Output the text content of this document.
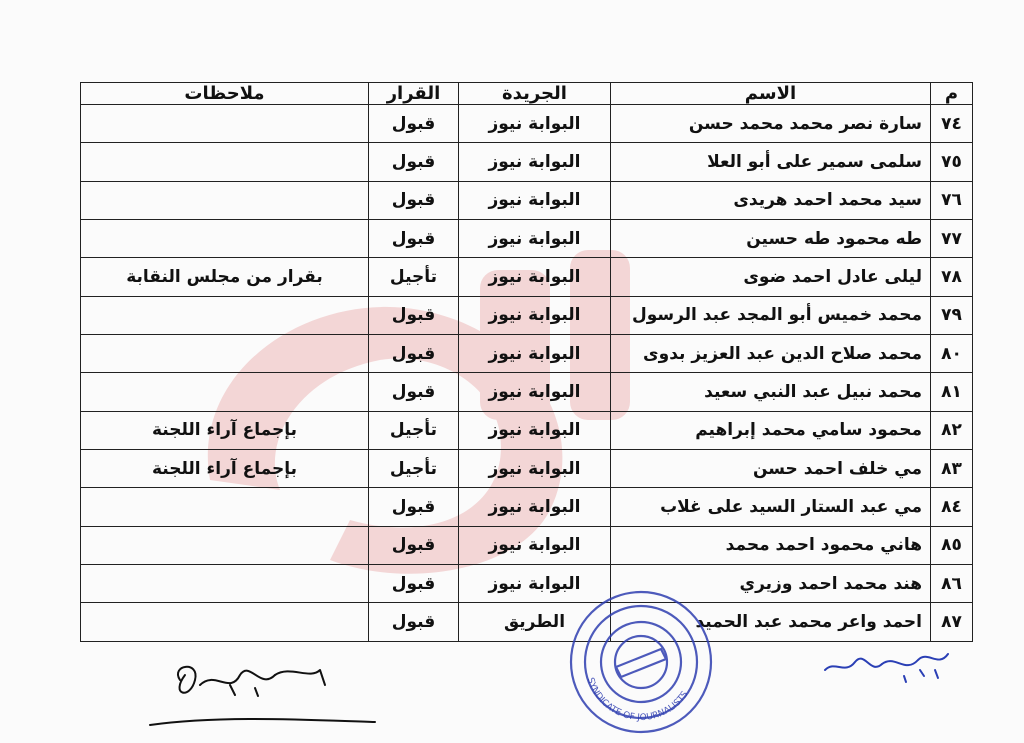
م	الاسم	الجريدة	القرار	ملاحظات
٧٤	سارة نصر محمد محمد حسن	البوابة نيوز	قبول	
٧٥	سلمى سمير على أبو العلا	البوابة نيوز	قبول	
٧٦	سيد محمد احمد هريدى	البوابة نيوز	قبول	
٧٧	طه محمود طه حسين	البوابة نيوز	قبول	
٧٨	ليلى عادل احمد ضوى	البوابة نيوز	تأجيل	بقرار من مجلس النقابة
٧٩	محمد خميس أبو المجد عبد الرسول	البوابة نيوز	قبول	
٨٠	محمد صلاح الدين عبد العزيز بدوى	البوابة نيوز	قبول	
٨١	محمد نبيل عبد النبي سعيد	البوابة نيوز	قبول	
٨٢	محمود سامي محمد إبراهيم	البوابة نيوز	تأجيل	بإجماع آراء اللجنة
٨٣	مي خلف احمد حسن	البوابة نيوز	تأجيل	بإجماع آراء اللجنة
٨٤	مي عبد الستار السيد على غلاب	البوابة نيوز	قبول	
٨٥	هاني محمود احمد محمد	البوابة نيوز	قبول	
٨٦	هند محمد احمد وزيري	البوابة نيوز	قبول	
٨٧	احمد واعر محمد عبد الحميد	الطريق	قبول	
SYNDICATE OF JOURNALISTS
